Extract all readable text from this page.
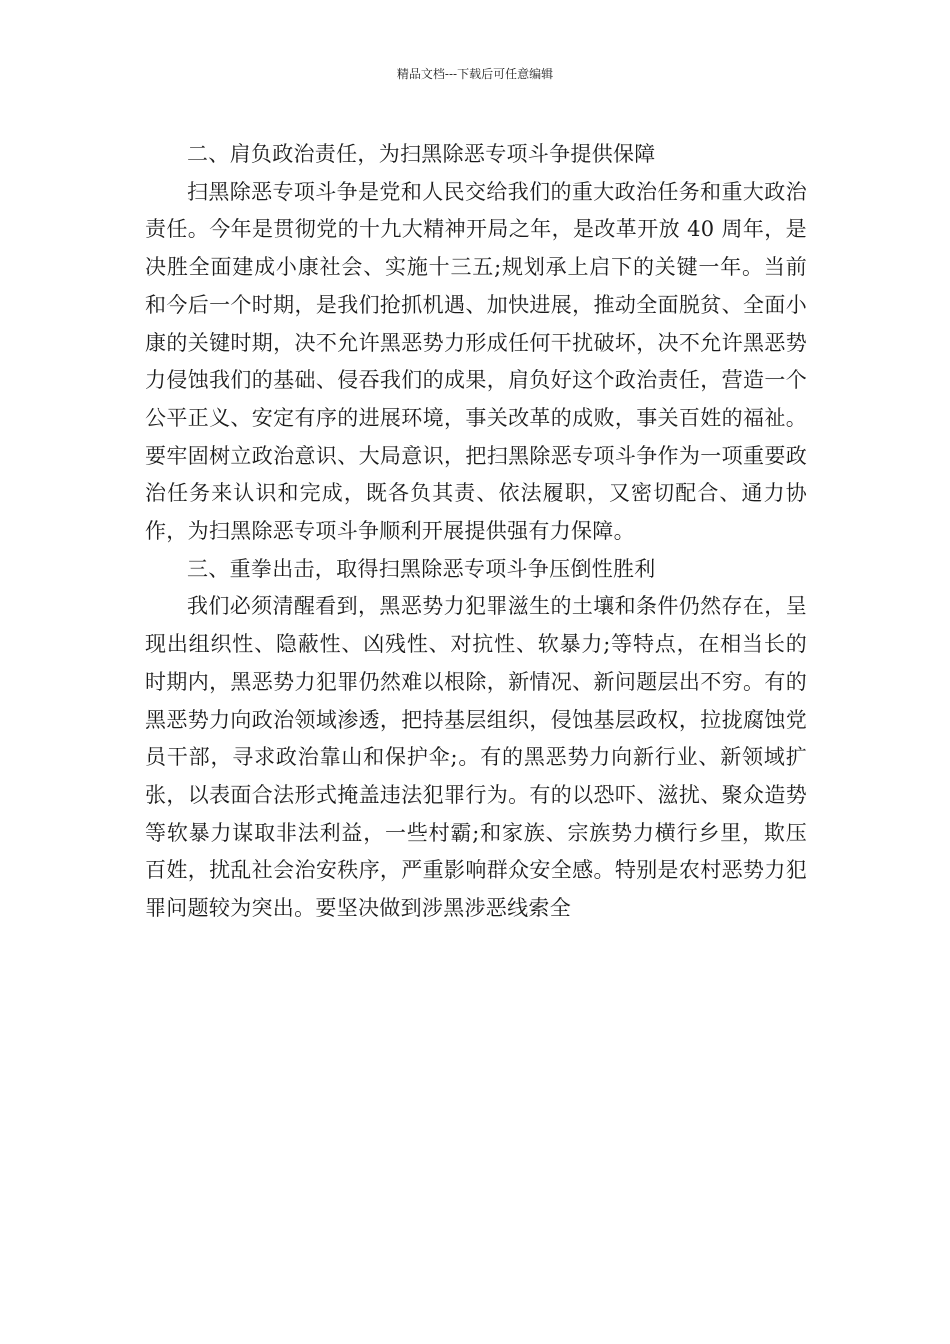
精品文档---下载后可任意编辑

二、肩负政治责任，为扫黑除恶专项斗争提供保障

扫黑除恶专项斗争是党和人民交给我们的重大政治任务和重大政治责任。今年是贯彻党的十九大精神开局之年，是改革开放 40 周年，是决胜全面建成小康社会、实施十三五;规划承上启下的关键一年。当前和今后一个时期，是我们抢抓机遇、加快进展，推动全面脱贫、全面小康的关键时期，决不允许黑恶势力形成任何干扰破坏，决不允许黑恶势力侵蚀我们的基础、侵吞我们的成果，肩负好这个政治责任，营造一个公平正义、安定有序的进展环境，事关改革的成败，事关百姓的福祉。要牢固树立政治意识、大局意识，把扫黑除恶专项斗争作为一项重要政治任务来认识和完成，既各负其责、依法履职，又密切配合、通力协作，为扫黑除恶专项斗争顺利开展提供强有力保障。

三、重拳出击，取得扫黑除恶专项斗争压倒性胜利

我们必须清醒看到，黑恶势力犯罪滋生的土壤和条件仍然存在，呈现出组织性、隐蔽性、凶残性、对抗性、软暴力;等特点，在相当长的时期内，黑恶势力犯罪仍然难以根除，新情况、新问题层出不穷。有的黑恶势力向政治领域渗透，把持基层组织，侵蚀基层政权，拉拢腐蚀党员干部，寻求政治靠山和保护伞;。有的黑恶势力向新行业、新领域扩张，以表面合法形式掩盖违法犯罪行为。有的以恐吓、滋扰、聚众造势等软暴力谋取非法利益，一些村霸;和家族、宗族势力横行乡里，欺压百姓，扰乱社会治安秩序，严重影响群众安全感。特别是农村恶势力犯罪问题较为突出。要坚决做到涉黑涉恶线索全
